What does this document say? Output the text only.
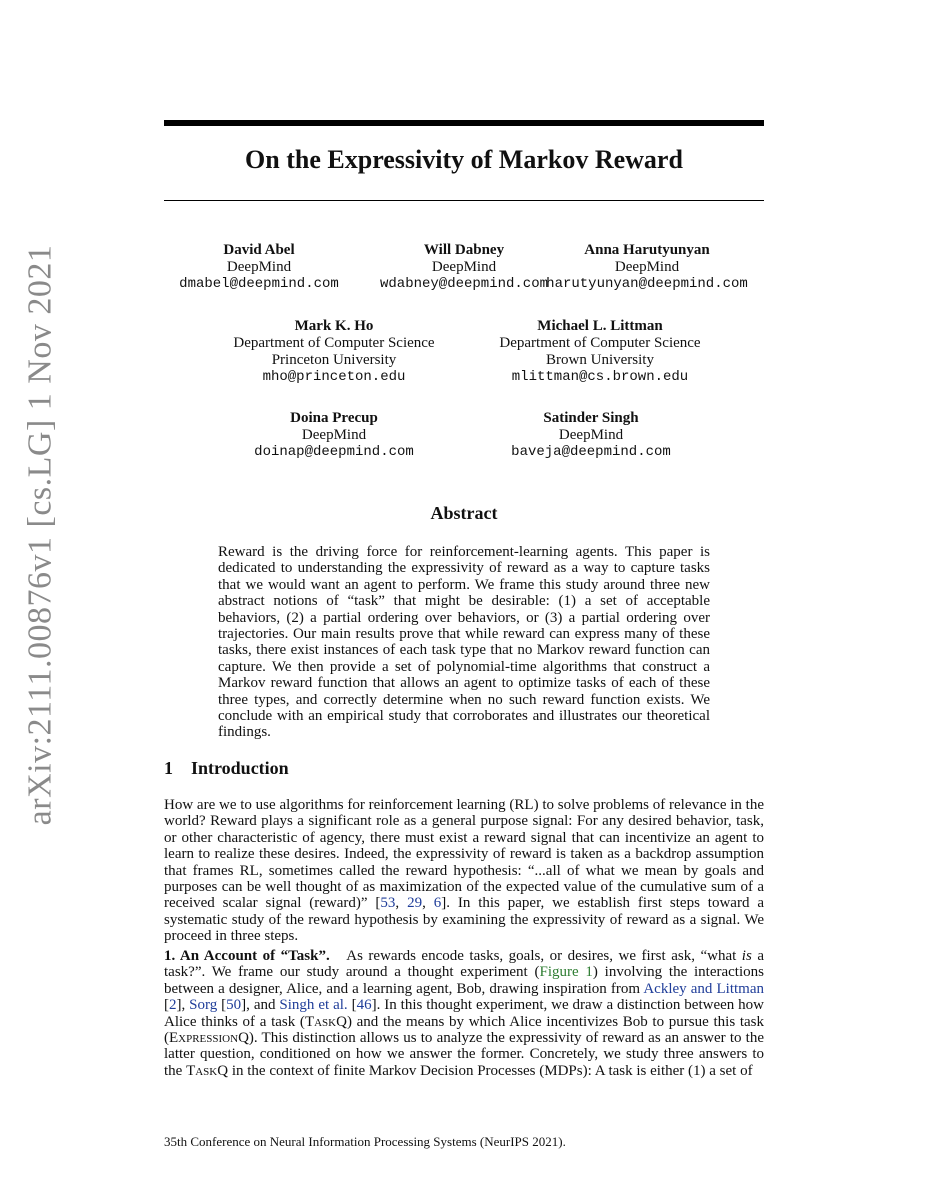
arXiv:2111.00876v1 [cs.LG] 1 Nov 2021
On the Expressivity of Markov Reward
David Abel
DeepMind
dmabel@deepmind.com
Will Dabney
DeepMind
wdabney@deepmind.com
Anna Harutyunyan
DeepMind
harutyunyan@deepmind.com
Mark K. Ho
Department of Computer Science
Princeton University
mho@princeton.edu
Michael L. Littman
Department of Computer Science
Brown University
mlittman@cs.brown.edu
Doina Precup
DeepMind
doinap@deepmind.com
Satinder Singh
DeepMind
baveja@deepmind.com
Abstract

Reward is the driving force for reinforcement-learning agents. This paper is dedicated to understanding the expressivity of reward as a way to capture tasks that we would want an agent to perform. We frame this study around three new abstract notions of “task” that might be desirable: (1) a set of acceptable behaviors, (2) a partial ordering over behaviors, or (3) a partial ordering over trajectories. Our main results prove that while reward can express many of these tasks, there exist instances of each task type that no Markov reward function can capture. We then provide a set of polynomial-time algorithms that construct a Markov reward function that allows an agent to optimize tasks of each of these three types, and correctly determine when no such reward function exists. We conclude with an empirical study that corroborates and illustrates our theoretical findings.

1 Introduction

How are we to use algorithms for reinforcement learning (RL) to solve problems of relevance in the world? Reward plays a significant role as a general purpose signal: For any desired behavior, task, or other characteristic of agency, there must exist a reward signal that can incentivize an agent to learn to realize these desires. Indeed, the expressivity of reward is taken as a backdrop assumption that frames RL, sometimes called the reward hypothesis: “...all of what we mean by goals and purposes can be well thought of as maximization of the expected value of the cumulative sum of a received scalar signal (reward)” [53, 29, 6]. In this paper, we establish first steps toward a systematic study of the reward hypothesis by examining the expressivity of reward as a signal. We proceed in three steps.

1. An Account of “Task”. As rewards encode tasks, goals, or desires, we first ask, “what is a task?”. We frame our study around a thought experiment (Figure 1) involving the interactions between a designer, Alice, and a learning agent, Bob, drawing inspiration from Ackley and Littman [2], Sorg [50], and Singh et al. [46]. In this thought experiment, we draw a distinction between how Alice thinks of a task (TaskQ) and the means by which Alice incentivizes Bob to pursue this task (ExpressionQ). This distinction allows us to analyze the expressivity of reward as an answer to the latter question, conditioned on how we answer the former. Concretely, we study three answers to the TaskQ in the context of finite Markov Decision Processes (MDPs): A task is either (1) a set of

35th Conference on Neural Information Processing Systems (NeurIPS 2021).
